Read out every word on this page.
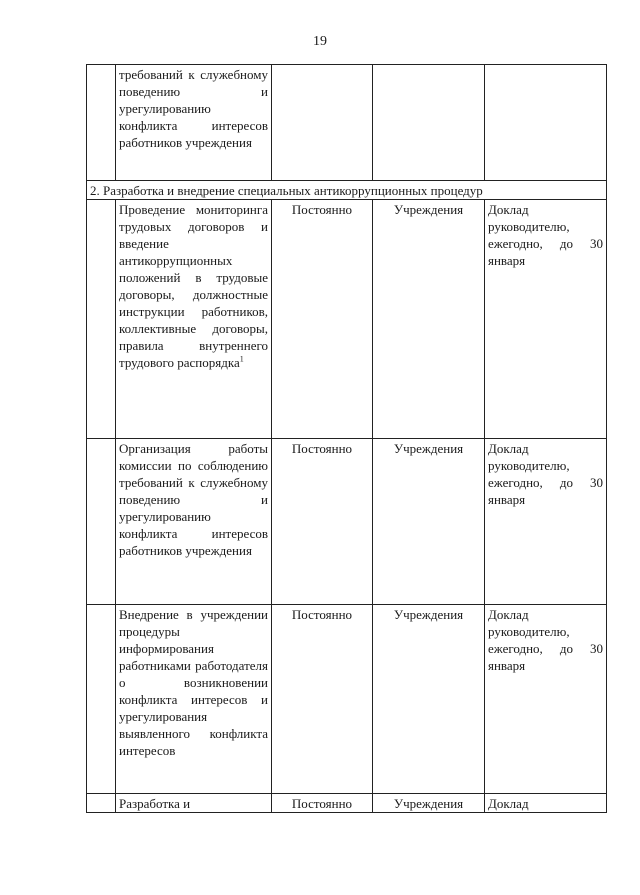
19
	требований к служебному поведению и урегулированию конфликта интересов работников учреждения			
2. Разработка и внедрение специальных антикоррупционных процедур				
	Проведение мониторинга трудовых договоров и введение антикоррупционных положений в трудовые договоры, должностные инструкции работников, коллективные договоры, правила внутреннего трудового распорядка$^1$	Постоянно	Учреждения	Доклад руководителю, ежегодно, до 30 января
	Организация работы комиссии по соблюдению требований к служебному поведению и урегулированию конфликта интересов работников учреждения	Постоянно	Учреждения	Доклад руководителю, ежегодно, до 30 января
	Внедрение в учреждении процедуры информирования работниками работодателя о возникновении конфликта интересов и урегулирования выявленного конфликта интересов	Постоянно	Учреждения	Доклад руководителю, ежегодно, до 30 января
	Разработка и	Постоянно	Учреждения	Доклад
